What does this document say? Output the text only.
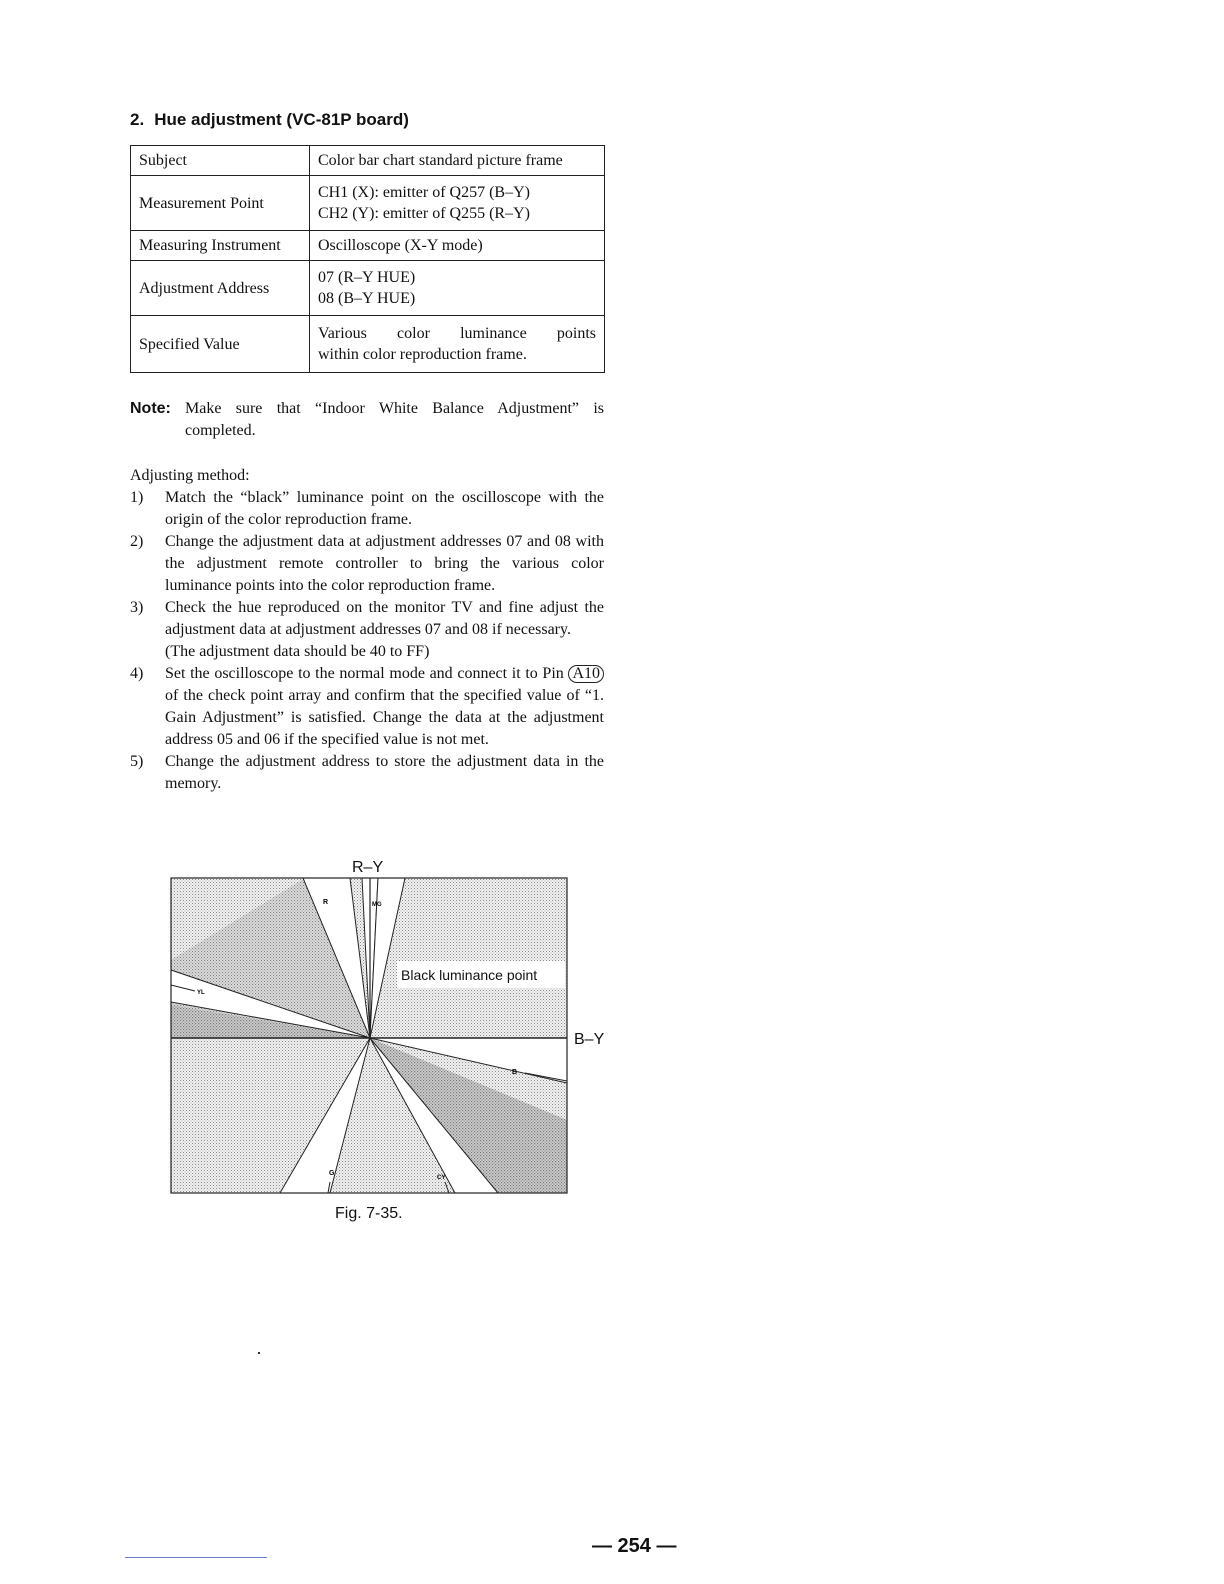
2. Hue adjustment (VC-81P board)
Subject	Color bar chart standard picture frame
Measurement Point	CH1 (X): emitter of Q257 (B–Y)
CH2 (Y): emitter of Q255 (R–Y)

Measuring Instrument	Oscilloscope (X-Y mode)
Adjustment Address	07 (R–Y HUE)
08 (B–Y HUE)

Specified Value	Various color luminance points
within color reproduction frame.
Note: Make sure that “Indoor White Balance Adjustment” is
completed.
Adjusting method:
1)	Match the “black” luminance point on the oscilloscope with the origin of the color reproduction frame.
2)	Change the adjustment data at adjustment addresses 07 and 08 with the adjustment remote controller to bring the various color luminance points into the color reproduction frame.
3)	Check the hue reproduced on the monitor TV and fine adjust the adjustment data at adjustment addresses 07 and 08 if necessary.
(The adjustment data should be 40 to FF)
4)	Set the oscilloscope to the normal mode and connect it to Pin A10 of the check point array and confirm that the specified value of “1. Gain Adjustment” is satisfied. Change the data at the adjustment address 05 and 06 if the specified value is not met.
5)	Change the adjustment address to store the adjustment data in the memory.
Black luminance point
R	MG
YL
B
G
CY
R–Y
B–Y
Fig. 7-35.
— 254 —
